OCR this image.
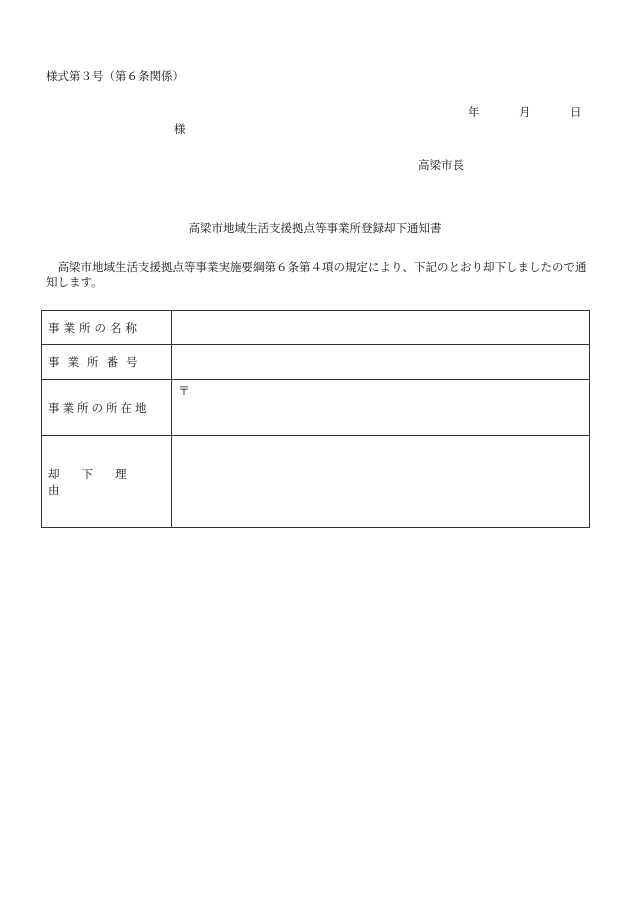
様式第３号（第６条関係）
年	月	日
様
高梁市長
高梁市地域生活支援拠点等事業所登録却下通知書

高梁市地域生活支援拠点等事業実施要綱第６条第４項の規定により、下記のとおり却下しましたので通知します。

事業所の名称	
事業所番号	
事業所の所在地	〒
却下理由	
